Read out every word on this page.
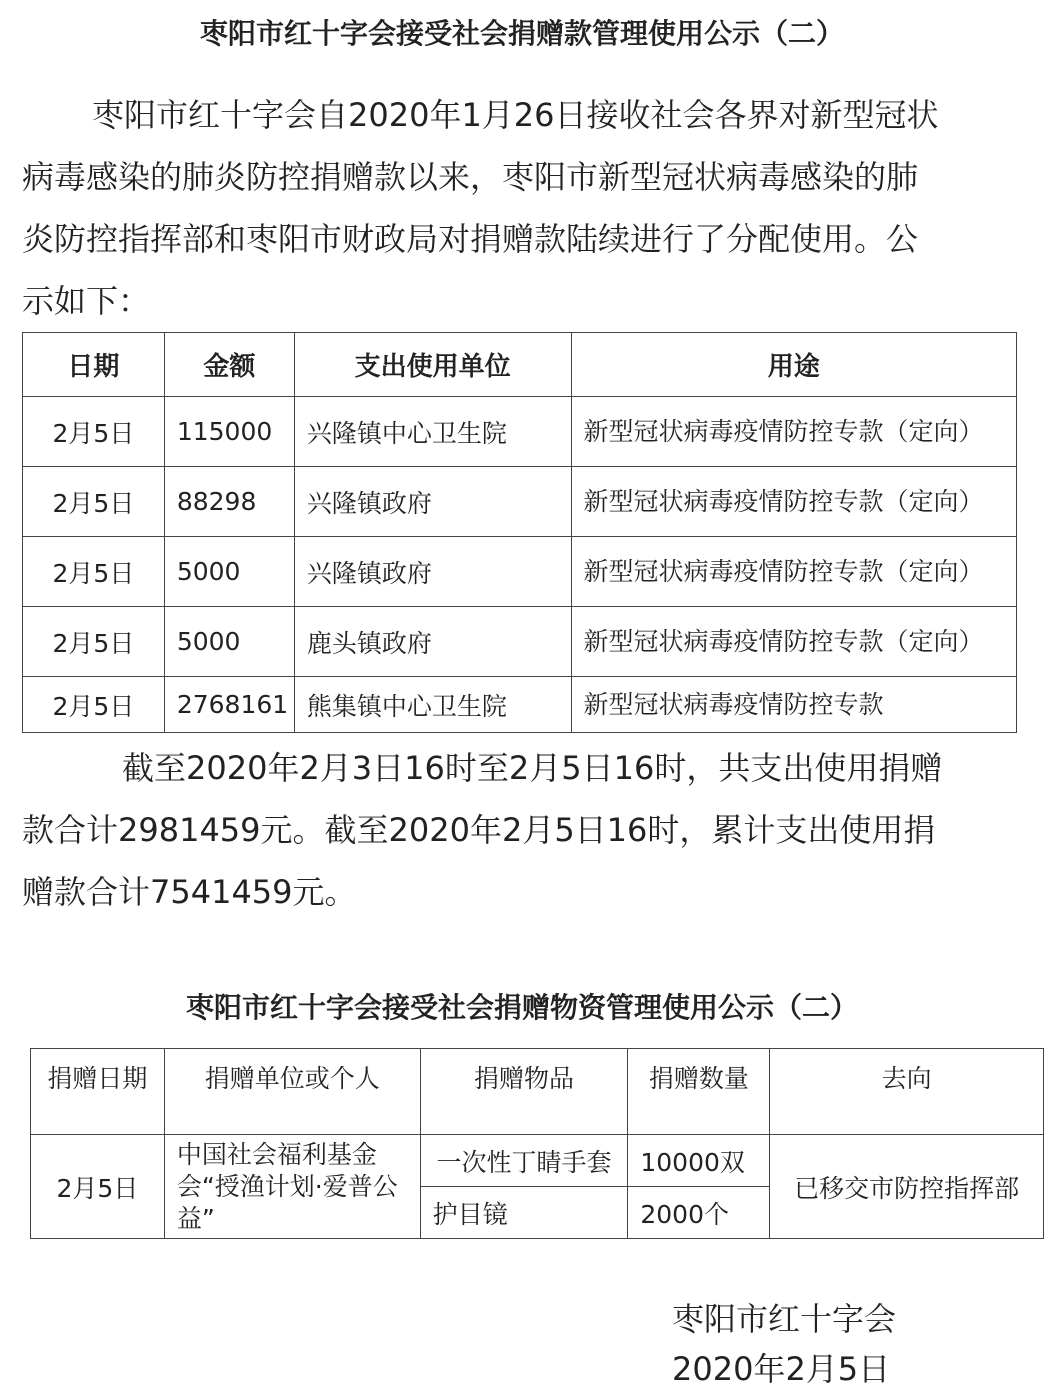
枣阳市红十字会接受社会捐赠款管理使用公示（二）
枣阳市红十字会自2020年1月26日接收社会各界对新型冠状
病毒感染的肺炎防控捐赠款以来，枣阳市新型冠状病毒感染的肺
炎防控指挥部和枣阳市财政局对捐赠款陆续进行了分配使用。公
示如下：
日期	金额	支出使用单位	用途
2月5日	115000	兴隆镇中心卫生院	新型冠状病毒疫情防控专款（定向）
2月5日	88298	兴隆镇政府	新型冠状病毒疫情防控专款（定向）
2月5日	5000	兴隆镇政府	新型冠状病毒疫情防控专款（定向）
2月5日	5000	鹿头镇政府	新型冠状病毒疫情防控专款（定向）
2月5日	2768161	熊集镇中心卫生院	新型冠状病毒疫情防控专款
截至2020年2月3日16时至2月5日16时，共支出使用捐赠
款合计2981459元。截至2020年2月5日16时，累计支出使用捐
赠款合计7541459元。
枣阳市红十字会接受社会捐赠物资管理使用公示（二）
捐赠日期	捐赠单位或个人	捐赠物品	捐赠数量	去向
2月5日	中国社会福利基金会“授渔计划·爱普公益”	一次性丁睛手套	10000双	已移交市防控指挥部
		护目镜	2000个	
枣阳市红十字会
2020年2月5日
